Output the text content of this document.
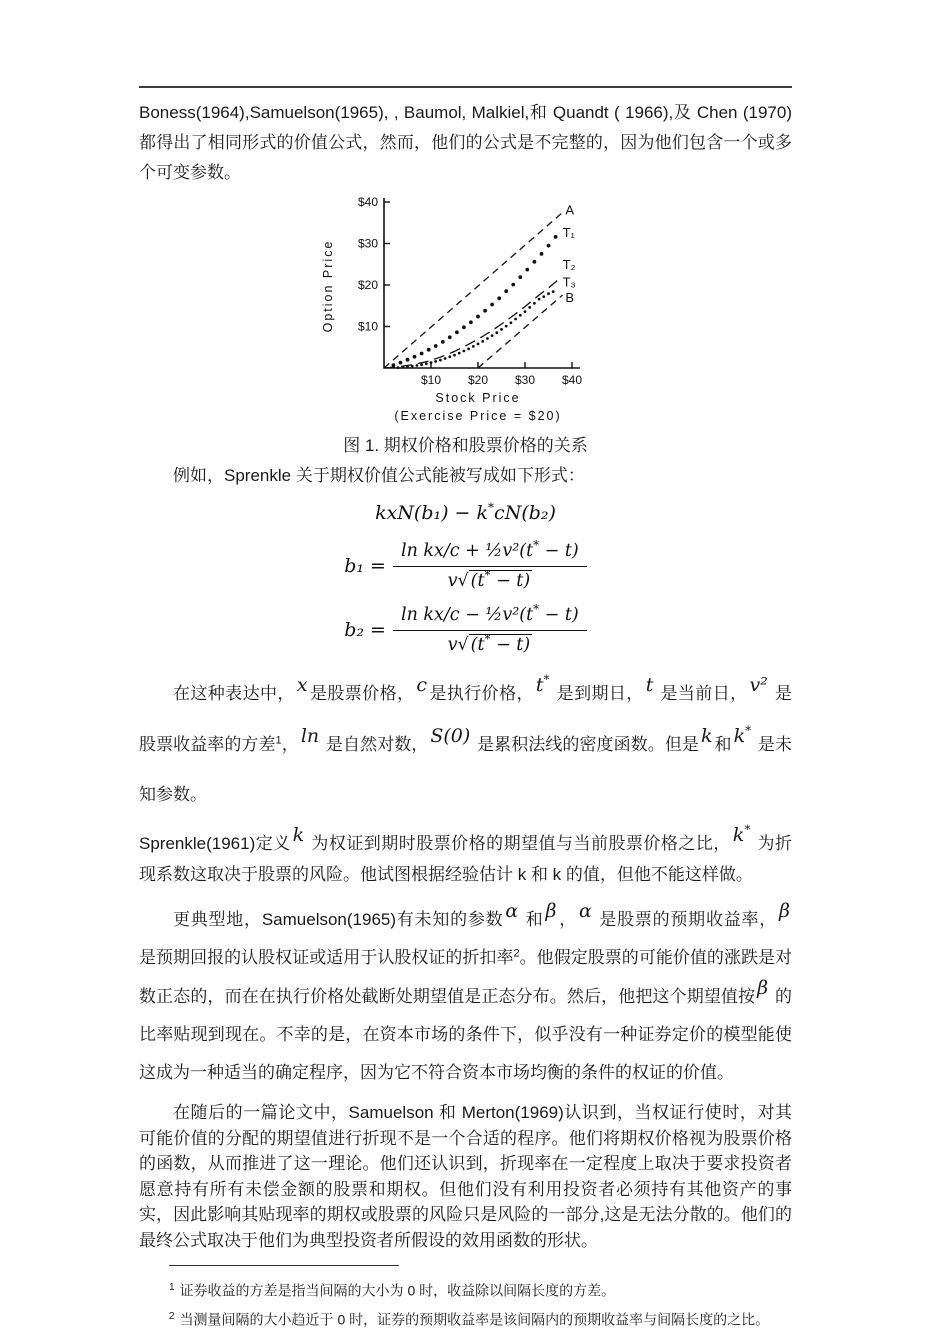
Boness(1964),Samuelson(1965), , Baumol, Malkiel,和 Quandt ( 1966),及 Chen (1970)都得出了相同形式的价值公式，然而，他们的公式是不完整的，因为他们包含一个或多个可变参数。

$10
$20
$30
$40
$10 $20 $30 $40
A
T₁
T₂
T₃
B
Stock Price
(Exercise Price = $20)
Option Price
图 1. 期权价格和股票价格的关系

例如，Sprenkle 关于期权价值公式能被写成如下形式：

kxN(b₁) − k*cN(b₂)
$b_1 = \frac{\ln kx/c + \frac{1}{2}v^2(t^* - t)}{v√ (t^* - t)}$
$b_2 = \frac{\ln kx/c - \frac{1}{2}v^2(t^* - t)}{v√ (t^* - t)}$

在这种表达中， x 是股票价格， c 是执行价格， t* 是到期日， t 是当前日， v² 是股票收益率的方差$^1$， ln 是自然对数， S(0) 是累积法线的密度函数。但是 k 和 k* 是未知参数。

Sprenkle(1961)定义 k 为权证到期时股票价格的期望值与当前股票价格之比， k* 为折现系数这取决于股票的风险。他试图根据经验估计 k 和 k 的值，但他不能这样做。

更典型地，Samuelson(1965)有未知的参数 α 和 β ， α 是股票的预期收益率， β 是预期回报的认股权证或适用于认股权证的折扣率$^2$。他假定股票的可能价值的涨跌是对数正态的，而在在执行价格处截断处期望值是正态分布。然后，他把这个期望值按 β 的比率贴现到现在。不幸的是，在资本市场的条件下，似乎没有一种证券定价的模型能使这成为一种适当的确定程序，因为它不符合资本市场均衡的条件的权证的价值。

在随后的一篇论文中，Samuelson 和 Merton(1969)认识到，当权证行使时，对其可能价值的分配的期望值进行折现不是一个合适的程序。他们将期权价格视为股票价格的函数，从而推进了这一理论。他们还认识到，折现率在一定程度上取决于要求投资者愿意持有所有未偿金额的股票和期权。但他们没有利用投资者必须持有其他资产的事实，因此影响其贴现率的期权或股票的风险只是风险的一部分,这是无法分散的。他们的最终公式取决于他们为典型投资者所假设的效用函数的形状。

$^1$ 证券收益的方差是指当间隔的大小为 0 时，收益除以间隔长度的方差。
$^2$ 当测量间隔的大小趋近于 0 时，证券的预期收益率是该间隔内的预期收益率与间隔长度的之比。
